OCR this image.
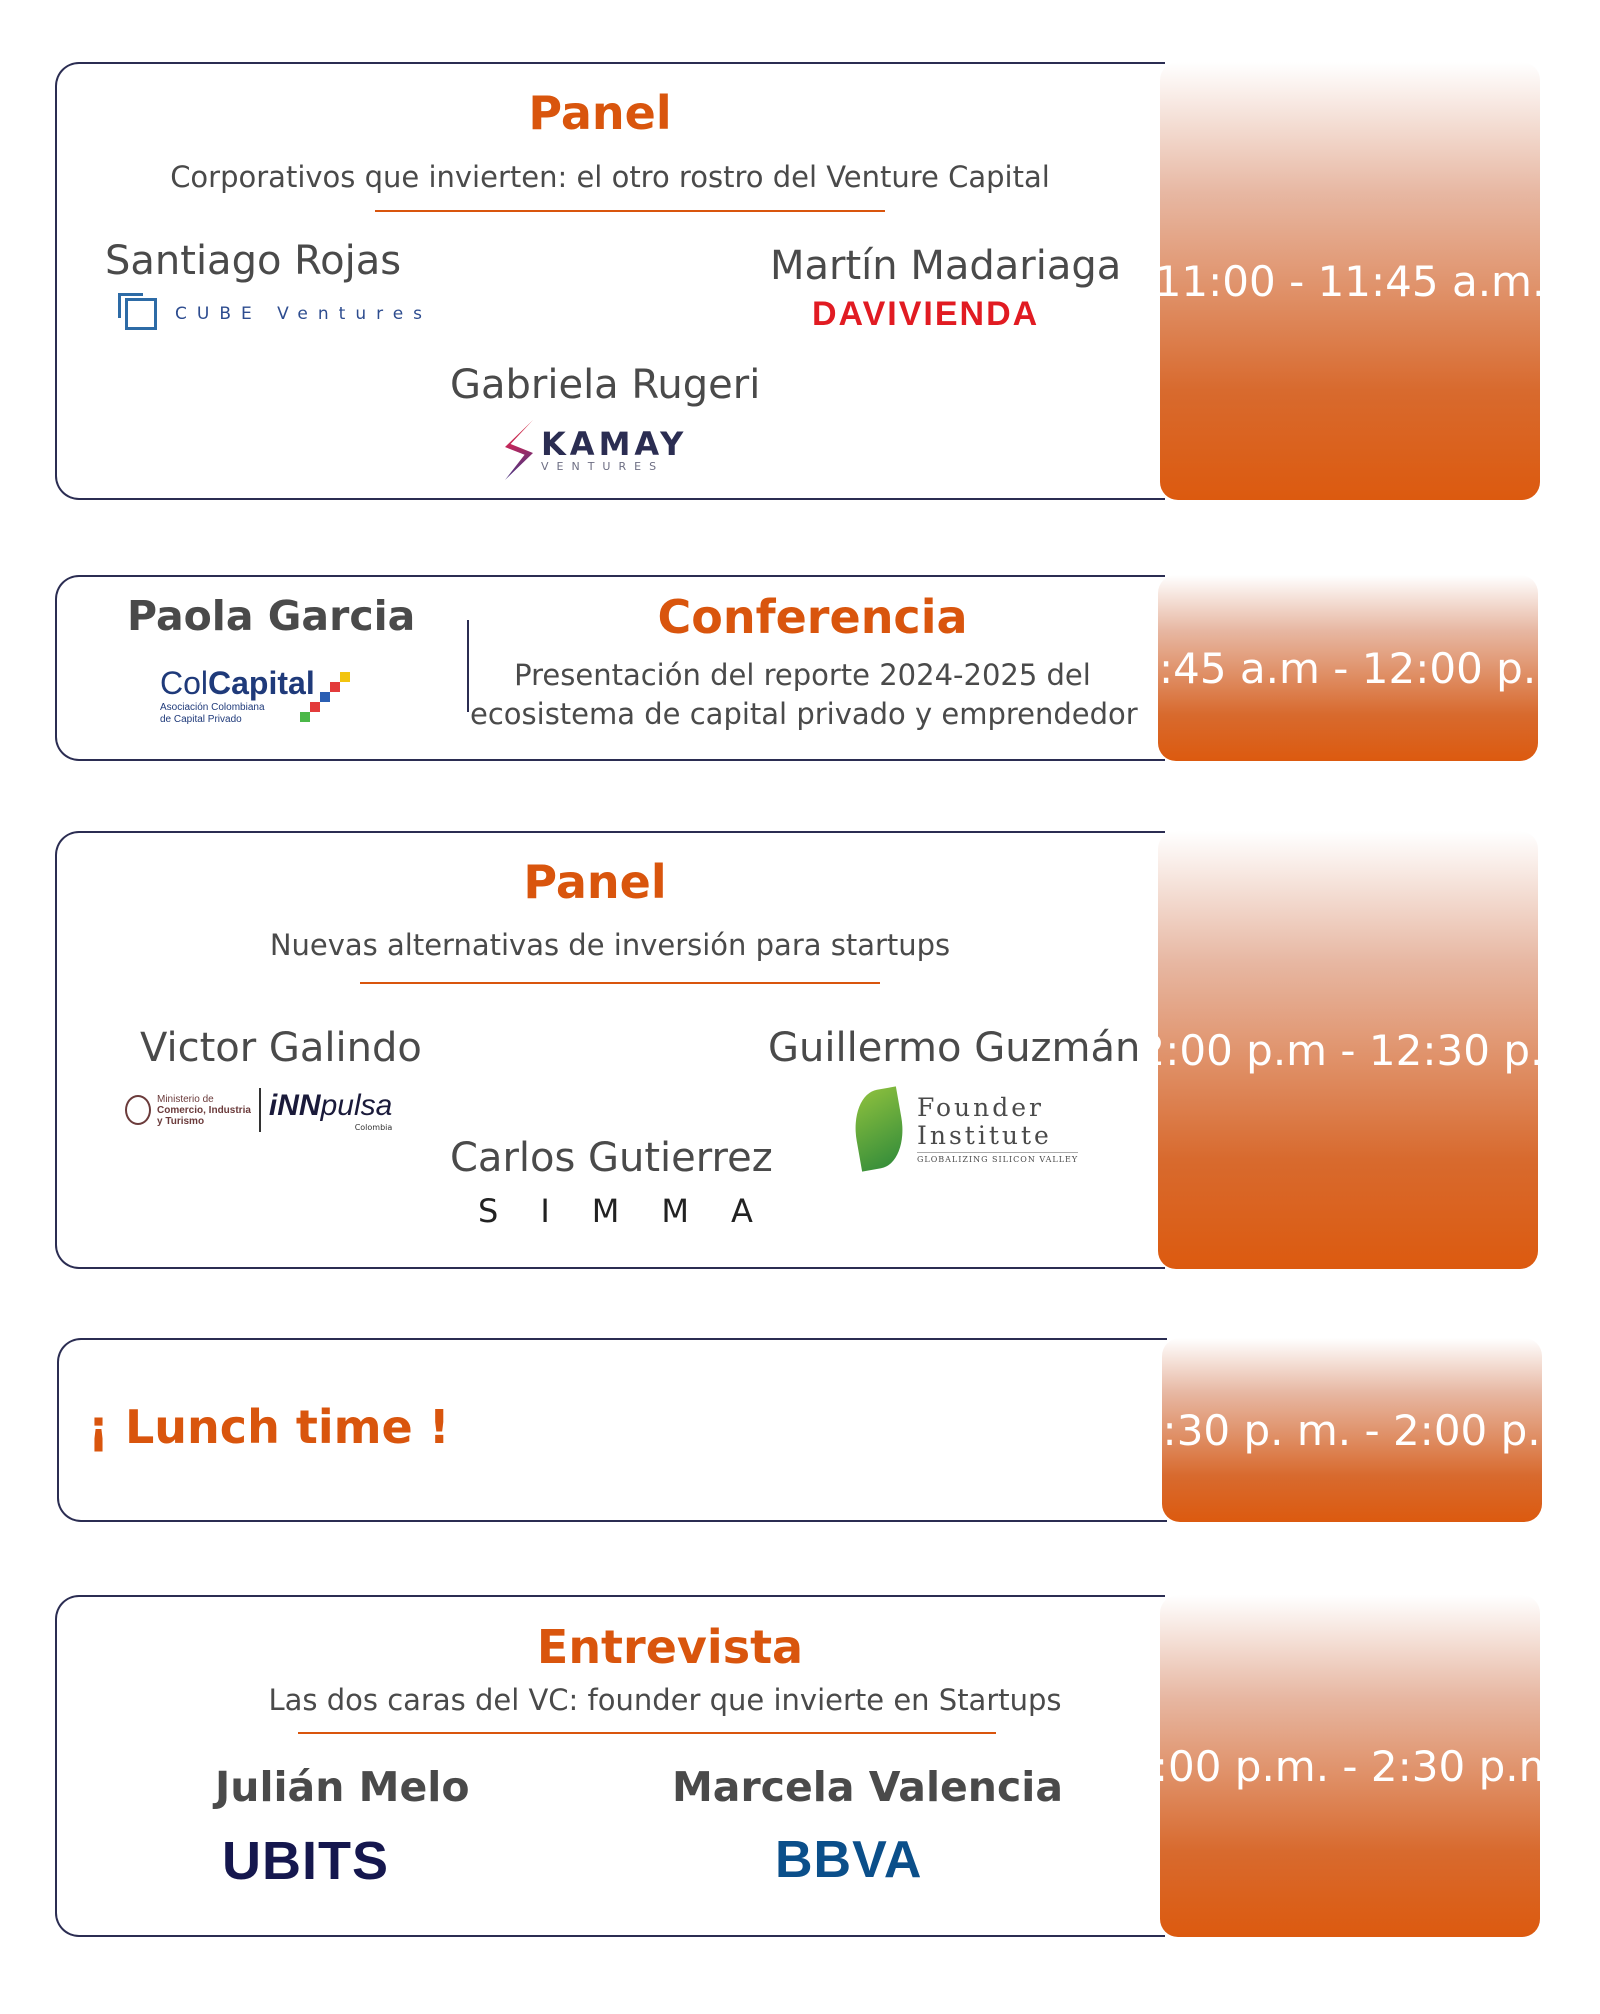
11:00 - 11:45 a.m.
Panel
Corporativos que invierten: el otro rostro del Venture Capital
Santiago Rojas
CUBE Ventures
Martín Madariaga
DAVIVIENDA
Gabriela Rugeri
KAMAY
VENTURES
11:45 a.m - 12:00 p.m.
Paola Garcia
ColCapital
Asociación Colombiana
de Capital Privado
Conferencia
Presentación del reporte 2024-2025 del
ecosistema de capital privado y emprendedor
12:00 p.m - 12:30 p.m
Panel
Nuevas alternativas de inversión para startups
Victor Galindo
Ministerio de
Comercio, Industria
y Turismo	iNNpulsa
Colombia
Guillermo Guzmán
Founder
Institute
GLOBALIZING SILICON VALLEY
Carlos Gutierrez
SIMMA
12:30 p. m. - 2:00 p.m.
¡ Lunch time !
2:00 p.m. - 2:30 p.m.
Entrevista
Las dos caras del VC: founder que invierte en Startups
Julián Melo
UBITS
Marcela Valencia
BBVA
